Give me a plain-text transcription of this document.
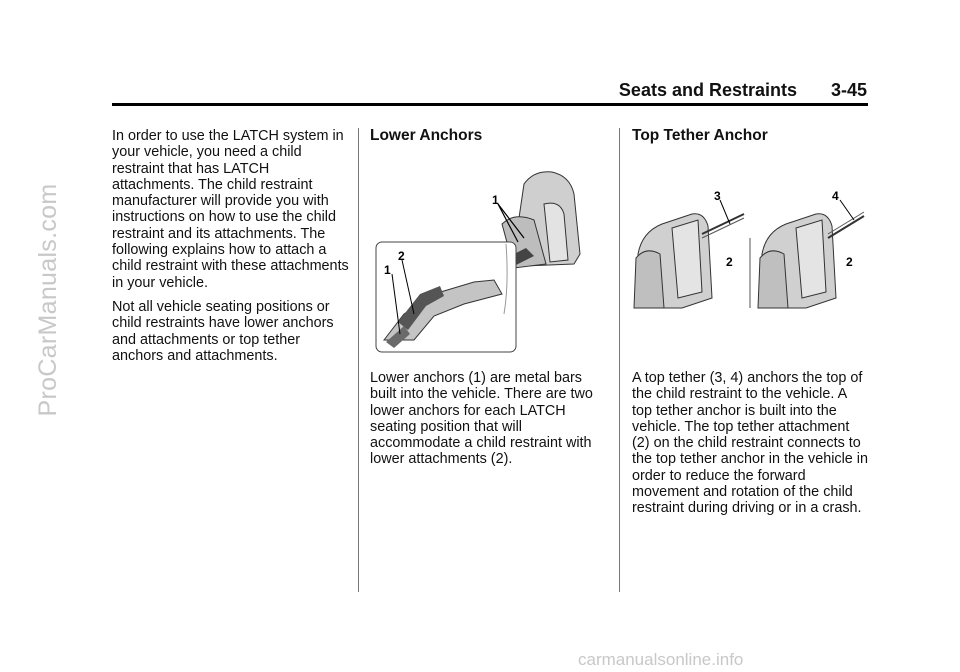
ProCarManuals.com
Seats and Restraints 3-45

In order to use the LATCH system in your vehicle, you need a child restraint that has LATCH attachments. The child restraint manufacturer will provide you with instructions on how to use the child restraint and its attachments. The following explains how to attach a child restraint with these attachments in your vehicle.

Not all vehicle seating positions or child restraints have lower anchors and attachments or top tether anchors and attachments.

Lower Anchors
1
2
1

Lower anchors (1) are metal bars built into the vehicle. There are two lower anchors for each LATCH seating position that will accommodate a child restraint with lower attachments (2).

Top Tether Anchor
3
2
4
2

A top tether (3, 4) anchors the top of the child restraint to the vehicle. A top tether anchor is built into the vehicle. The top tether attachment (2) on the child restraint connects to the top tether anchor in the vehicle in order to reduce the forward movement and rotation of the child restraint during driving or in a crash.

carmanualsonline.info
